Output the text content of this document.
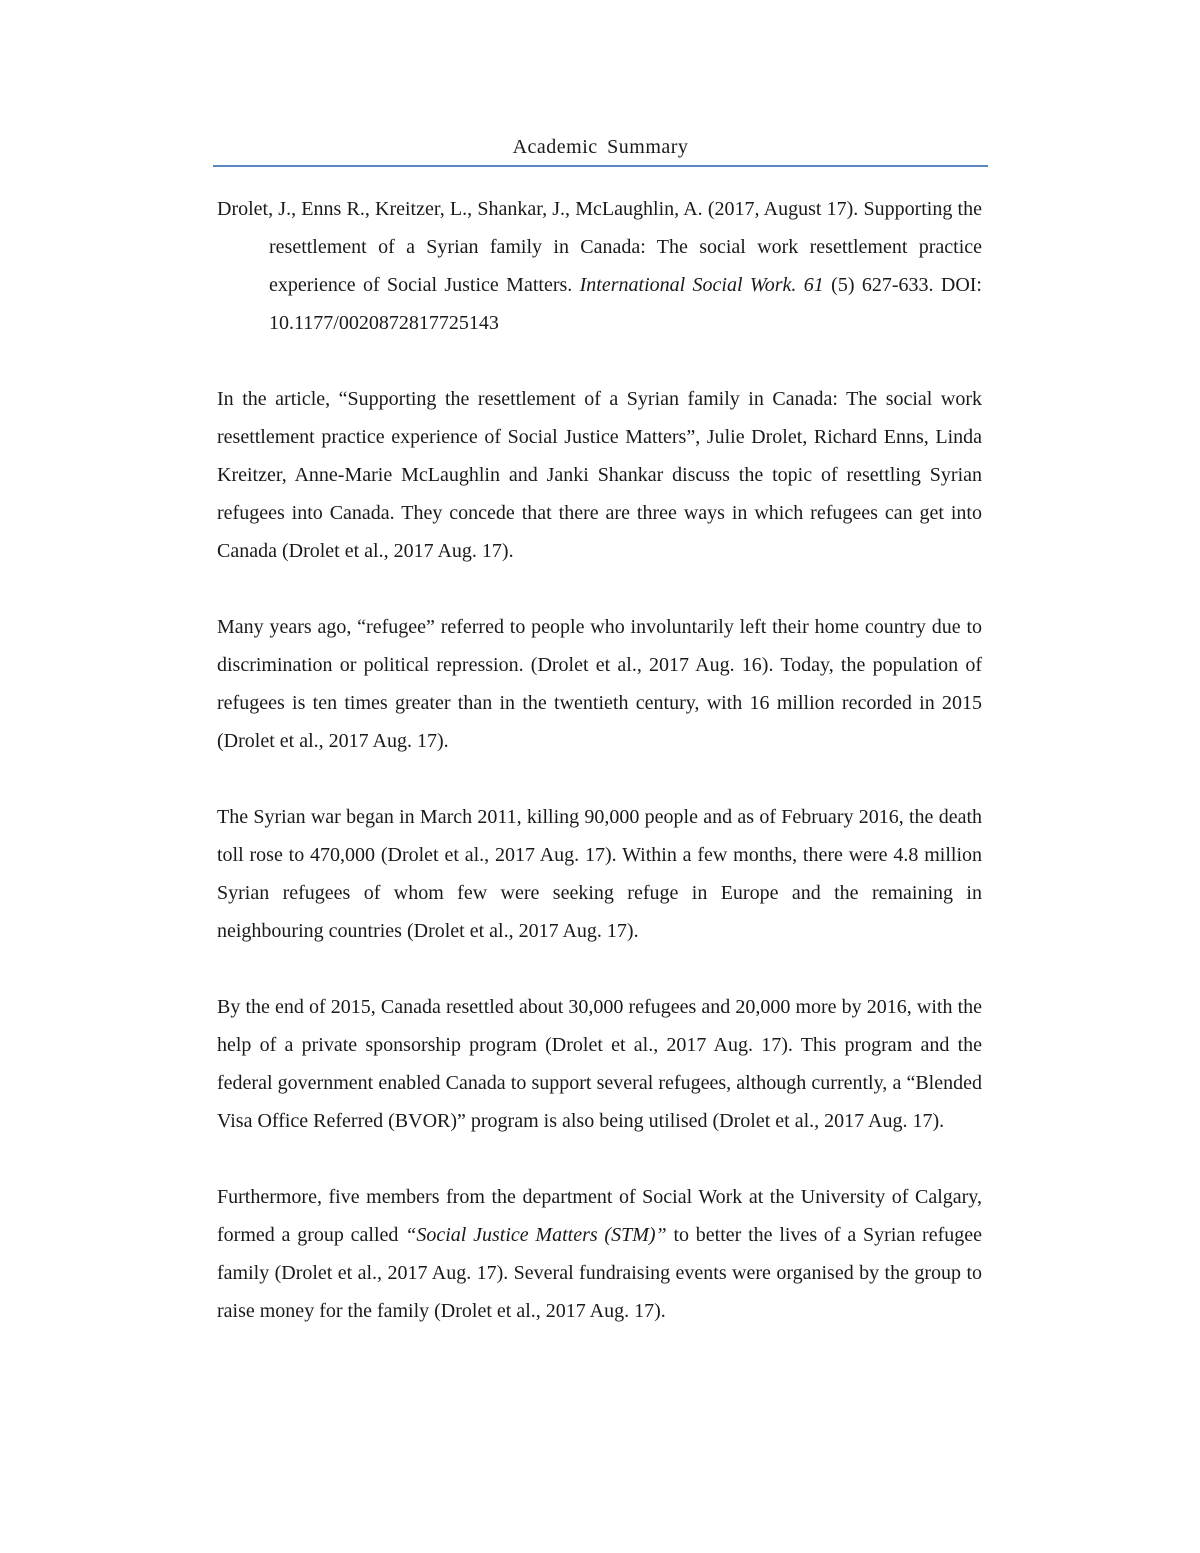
Academic Summary

Drolet, J., Enns R., Kreitzer, L., Shankar, J., McLaughlin, A. (2017, August 17). Supporting the resettlement of a Syrian family in Canada: The social work resettlement practice experience of Social Justice Matters. International Social Work. 61 (5) 627-633. DOI: 10.1177/0020872817725143

In the article, “Supporting the resettlement of a Syrian family in Canada: The social work resettlement practice experience of Social Justice Matters”, Julie Drolet, Richard Enns, Linda Kreitzer, Anne-Marie McLaughlin and Janki Shankar discuss the topic of resettling Syrian refugees into Canada. They concede that there are three ways in which refugees can get into Canada (Drolet et al., 2017 Aug. 17).

Many years ago, “refugee” referred to people who involuntarily left their home country due to discrimination or political repression. (Drolet et al., 2017 Aug. 16). Today, the population of refugees is ten times greater than in the twentieth century, with 16 million recorded in 2015 (Drolet et al., 2017 Aug. 17).

The Syrian war began in March 2011, killing 90,000 people and as of February 2016, the death toll rose to 470,000 (Drolet et al., 2017 Aug. 17). Within a few months, there were 4.8 million Syrian refugees of whom few were seeking refuge in Europe and the remaining in neighbouring countries (Drolet et al., 2017 Aug. 17).

By the end of 2015, Canada resettled about 30,000 refugees and 20,000 more by 2016, with the help of a private sponsorship program (Drolet et al., 2017 Aug. 17). This program and the federal government enabled Canada to support several refugees, although currently, a “Blended Visa Office Referred (BVOR)” program is also being utilised (Drolet et al., 2017 Aug. 17).

Furthermore, five members from the department of Social Work at the University of Calgary, formed a group called “Social Justice Matters (STM)” to better the lives of a Syrian refugee family (Drolet et al., 2017 Aug. 17). Several fundraising events were organised by the group to raise money for the family (Drolet et al., 2017 Aug. 17).
